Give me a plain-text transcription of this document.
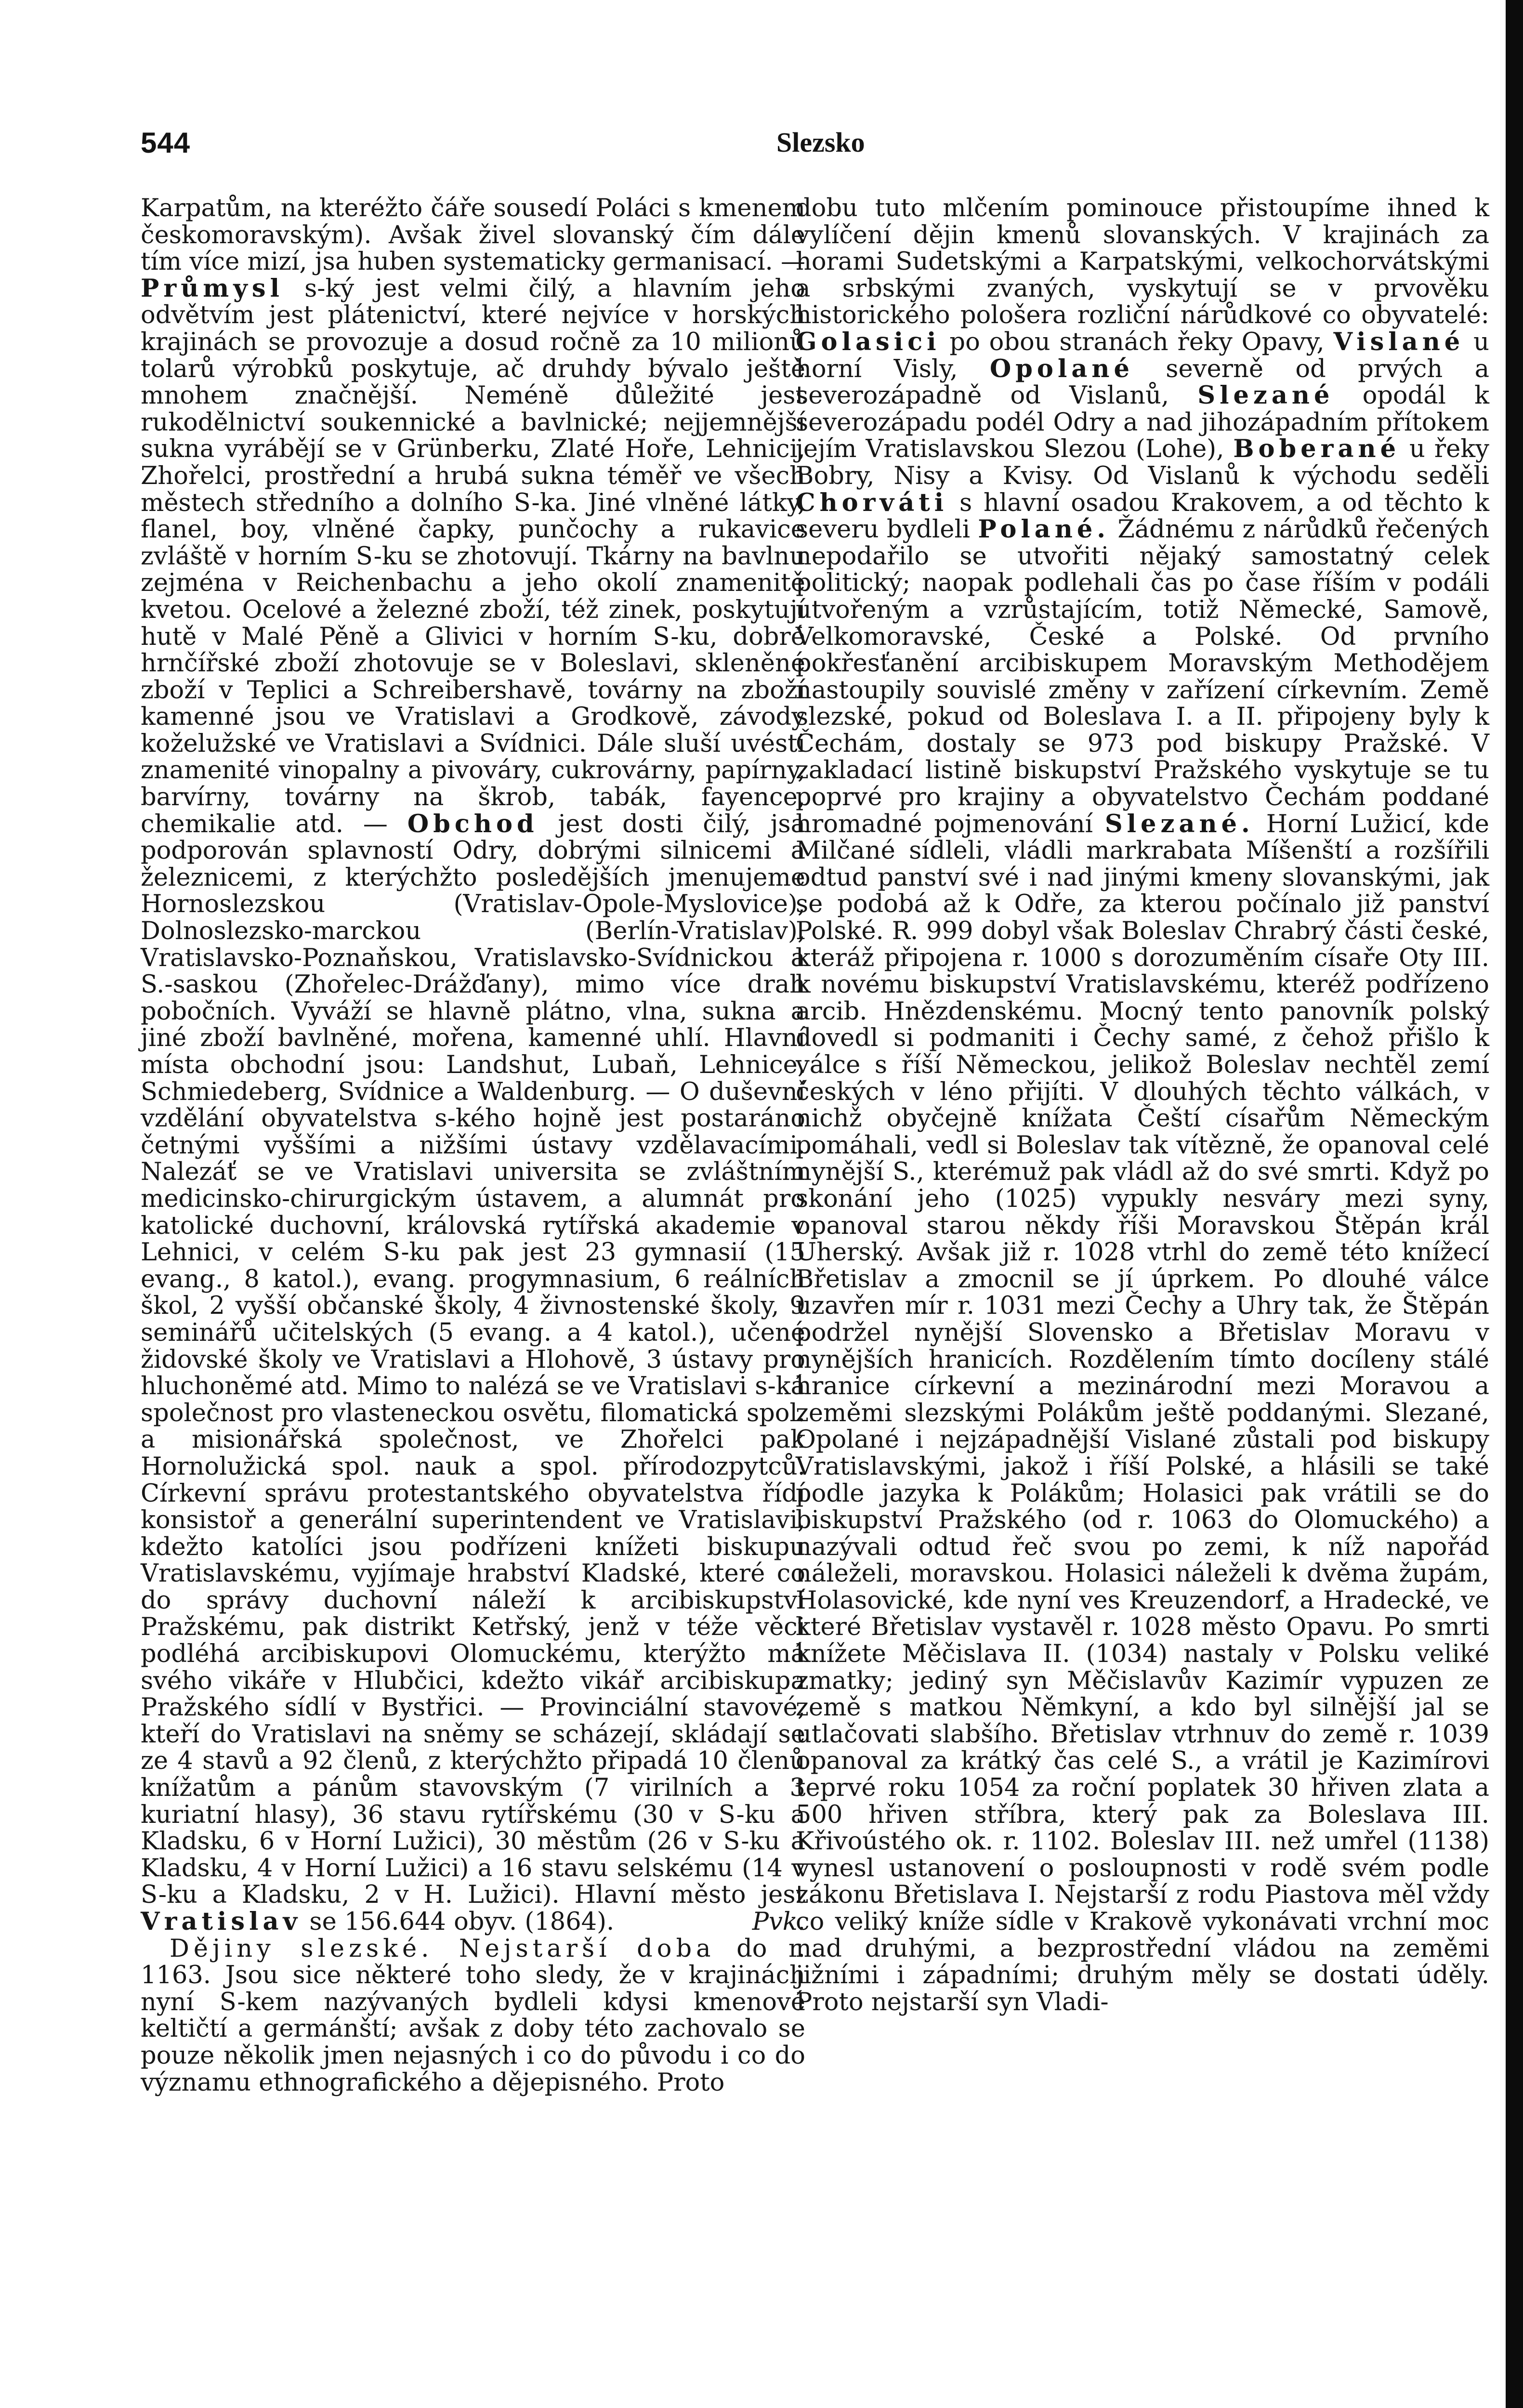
544	Slezsko

Karpatům, na kteréžto čáře sousedí Poláci s kmenem českomoravským). Avšak živel slovanský čím dále tím více mizí, jsa huben systematicky germanisací. — Průmysl s-ký jest velmi čilý, a hlavním jeho odvětvím jest plátenictví, které nejvíce v horských krajinách se provozuje a dosud ročně za 10 milionů tolarů výrobků poskytuje, ač druhdy bývalo ještě mnohem značnější. Neméně důležité jest rukodělnictví soukennické a bavlnické; nejjemnější sukna vyrábějí se v Grünberku, Zlaté Hoře, Lehnici, Zhořelci, prostřední a hrubá sukna téměř ve všech městech středního a dolního S-ka. Jiné vlněné látky, flanel, boy, vlněné čapky, punčochy a rukavice zvláště v horním S-ku se zhotovují. Tkárny na bavlnu zejména v Reichenbachu a jeho okolí znamenitě kvetou. Ocelové a železné zboží, též zinek, poskytují hutě v Malé Pěně a Glivici v horním S-ku, dobré hrnčířské zboží zhotovuje se v Boleslavi, skleněné zboží v Teplici a Schreibershavě, továrny na zboží kamenné jsou ve Vratislavi a Grodkově, závody koželužské ve Vratislavi a Svídnici. Dále sluší uvésti znamenité vinopalny a pivováry, cukrovárny, papírny, barvírny, továrny na škrob, tabák, fayence, chemikalie atd. — Obchod jest dosti čilý, jsa podporován splavností Odry, dobrými silnicemi a železnicemi, z kterýchžto posledějších jmenujeme Hornoslezskou (Vratislav-Opole-Myslovice), Dolnoslezsko-marckou (Berlín-Vratislav), Vratislavsko-Poznaňskou, Vratislavsko-Svídnickou a S.-saskou (Zhořelec-Drážďany), mimo více drah pobočních. Vyváží se hlavně plátno, vlna, sukna a jiné zboží bavlněné, mořena, kamenné uhlí. Hlavní místa obchodní jsou: Landshut, Lubaň, Lehnice, Schmiedeberg, Svídnice a Waldenburg. — O duševní vzdělání obyvatelstva s-kého hojně jest postaráno četnými vyššími a nižšími ústavy vzdělavacími. Nalezáť se ve Vratislavi universita se zvláštním medicinsko-chirurgickým ústavem, a alumnát pro katolické duchovní, královská rytířská akademie v Lehnici, v celém S-ku pak jest 23 gymnasií (15 evang., 8 katol.), evang. progymnasium, 6 reálních škol, 2 vyšší občanské školy, 4 živnostenské školy, 9 seminářů učitelských (5 evang. a 4 katol.), učené židovské školy ve Vratislavi a Hlohově, 3 ústavy pro hluchoněmé atd. Mimo to nalézá se ve Vratislavi s-ká společnost pro vlasteneckou osvětu, filomatická spol. a misionářská společnost, ve Zhořelci pak Hornolužická spol. nauk a spol. přírodozpytců. Církevní správu protestantského obyvatelstva řídí konsistoř a generální superintendent ve Vratislavi, kdežto katolíci jsou podřízeni knížeti biskupu Vratislavskému, vyjímaje hrabství Kladské, které co do správy duchovní náleží k arcibiskupství Pražskému, pak distrikt Ketřský, jenž v téže věci podléhá arcibiskupovi Olomuckému, kterýžto má svého vikáře v Hlubčici, kdežto vikář arcibiskupa Pražského sídlí v Bystřici. — Provinciální stavové, kteří do Vratislavi na sněmy se scházejí, skládají se ze 4 stavů a 92 členů, z kterýchžto připadá 10 členů knížatům a pánům stavovským (7 virilních a 3 kuriatní hlasy), 36 stavu rytířskému (30 v S-ku a Kladsku, 6 v Horní Lužici), 30 městům (26 v S-ku a Kladsku, 4 v Horní Lužici) a 16 stavu selskému (14 v S-ku a Kladsku, 2 v H. Lužici). Hlavní město jest Vratislav se 156.644 obyv. (1864).	Pvk.

Dějiny slezské. Nejstarší doba do r. 1163. Jsou sice některé toho sledy, že v krajinách nyní S-kem nazývaných bydleli kdysi kmenové keltičtí a germánští; avšak z doby této zachovalo se pouze několik jmen nejasných i co do původu i co do významu ethnografického a dějepisného. Proto

dobu tuto mlčením pominouce přistoupíme ihned k vylíčení dějin kmenů slovanských. V krajinách za horami Sudetskými a Karpatskými, velkochorvátskými a srbskými zvaných, vyskytují se v prvověku historického pološera rozliční nárůdkové co obyvatelé: Golasici po obou stranách řeky Opavy, Vislané u horní Visly, Opolané severně od prvých a severozápadně od Vislanů, Slezané opodál k severozápadu podél Odry a nad jihozápadním přítokem jejím Vratislavskou Slezou (Lohe), Boberané u řeky Bobry, Nisy a Kvisy. Od Vislanů k východu seděli Chorváti s hlavní osadou Krakovem, a od těchto k severu bydleli Polané. Žádnému z nárůdků řečených nepodařilo se utvořiti nějaký samostatný celek politický; naopak podlehali čas po čase říším v podáli utvořeným a vzrůstajícím, totiž Německé, Samově, Velkomoravské, České a Polské. Od prvního pokřesťanění arcibiskupem Moravským Methodějem nastoupily souvislé změny v zařízení církevním. Země slezské, pokud od Boleslava I. a II. připojeny byly k Čechám, dostaly se 973 pod biskupy Pražské. V zakladací listině biskupství Pražského vyskytuje se tu poprvé pro krajiny a obyvatelstvo Čechám poddané hromadné pojmenování Slezané. Horní Lužicí, kde Milčané sídleli, vládli markrabata Míšenští a rozšířili odtud panství své i nad jinými kmeny slovanskými, jak se podobá až k Odře, za kterou počínalo již panství Polské. R. 999 dobyl však Boleslav Chrabrý části české, kteráž připojena r. 1000 s dorozuměním císaře Oty III. k novému biskupství Vratislavskému, kteréž podřízeno arcib. Hnězdenskému. Mocný tento panovník polský dovedl si podmaniti i Čechy samé, z čehož přišlo k válce s říší Německou, jelikož Boleslav nechtěl zemí českých v léno přijíti. V dlouhých těchto válkách, v nichž obyčejně knížata Čeští císařům Německým pomáhali, vedl si Boleslav tak vítězně, že opanoval celé nynější S., kterémuž pak vládl až do své smrti. Když po skonání jeho (1025) vypukly nesváry mezi syny, opanoval starou někdy říši Moravskou Štěpán král Uherský. Avšak již r. 1028 vtrhl do země této knížecí Břetislav a zmocnil se jí úprkem. Po dlouhé válce uzavřen mír r. 1031 mezi Čechy a Uhry tak, že Štěpán podržel nynější Slovensko a Břetislav Moravu v nynějších hranicích. Rozdělením tímto docíleny stálé hranice církevní a mezinárodní mezi Moravou a zeměmi slezskými Polákům ještě poddanými. Slezané, Opolané i nejzápadnější Vislané zůstali pod biskupy Vratislavskými, jakož i říší Polské, a hlásili se také podle jazyka k Polákům; Holasici pak vrátili se do biskupství Pražského (od r. 1063 do Olomuckého) a nazývali odtud řeč svou po zemi, k níž napořád náleželi, moravskou. Holasici náleželi k dvěma župám, Holasovické, kde nyní ves Kreuzendorf, a Hradecké, ve které Břetislav vystavěl r. 1028 město Opavu. Po smrti knížete Měčislava II. (1034) nastaly v Polsku veliké zmatky; jediný syn Měčislavův Kazimír vypuzen ze země s matkou Němkyní, a kdo byl silnější jal se utlačovati slabšího. Břetislav vtrhnuv do země r. 1039 opanoval za krátký čas celé S., a vrátil je Kazimírovi teprvé roku 1054 za roční poplatek 30 hřiven zlata a 500 hřiven stříbra, který pak za Boleslava III. Křivoústého ok. r. 1102. Boleslav III. než umřel (1138) vynesl ustanovení o posloupnosti v rodě svém podle zákonu Břetislava I. Nejstarší z rodu Piastova měl vždy co veliký kníže sídle v Krakově vykonávati vrchní moc nad druhými, a bezprostřední vládou na zeměmi jižními i západními; druhým měly se dostati úděly. Proto nejstarší syn Vladi-
